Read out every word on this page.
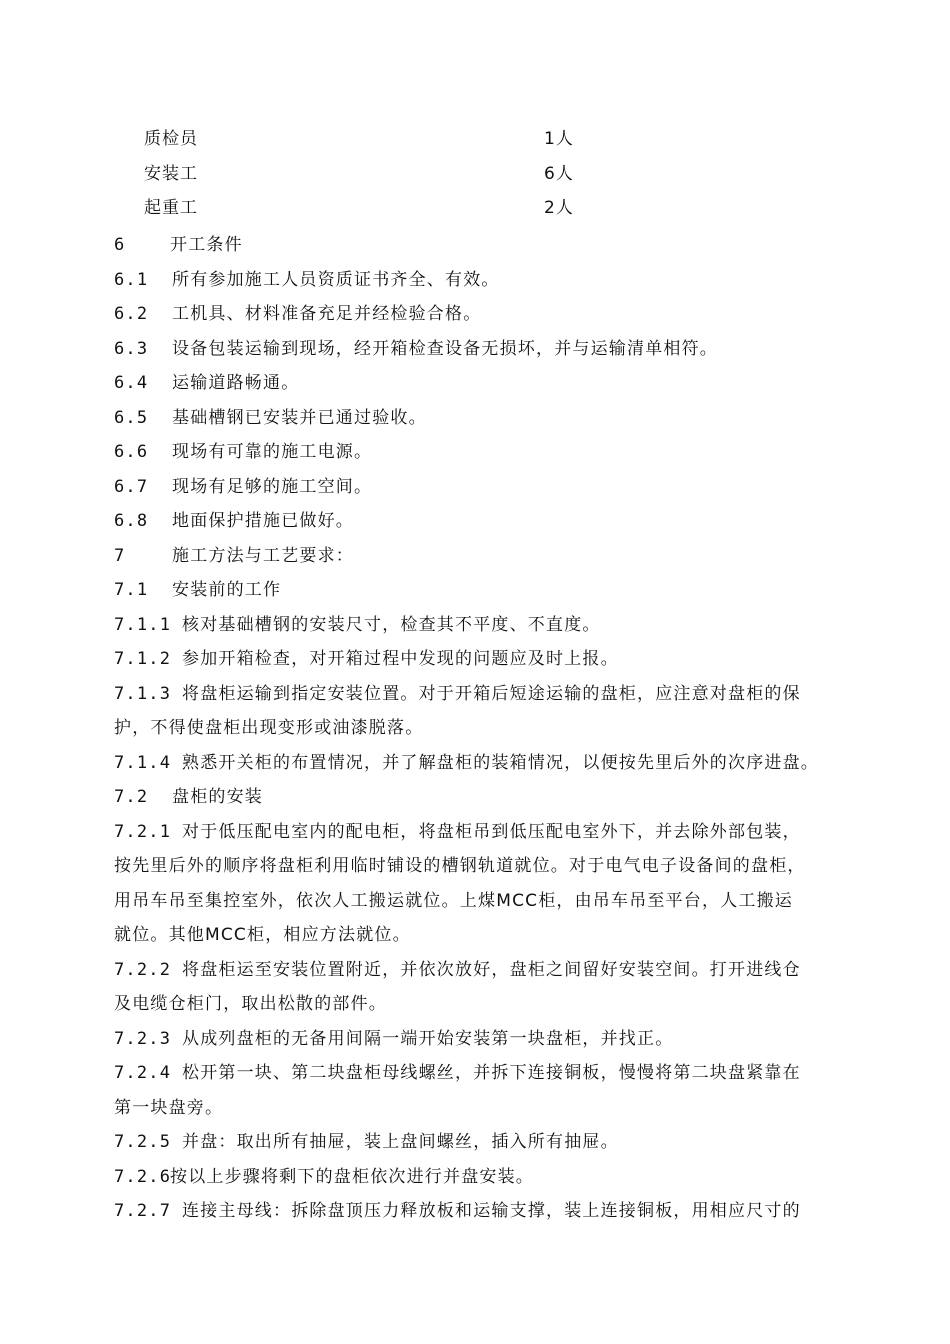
质检员	1人
安装工	6人
起重工	2人
6	开工条件
6.1 所有参加施工人员资质证书齐全、有效。
6.2 工机具、材料准备充足并经检验合格。
6.3 设备包装运输到现场，经开箱检查设备无损坏，并与运输清单相符。
6.4 运输道路畅通。
6.5 基础槽钢已安装并已通过验收。
6.6 现场有可靠的施工电源。
6.7 现场有足够的施工空间。
6.8 地面保护措施已做好。
7	施工方法与工艺要求：
7.1 安装前的工作
7.1.1 核对基础槽钢的安装尺寸，检查其不平度、不直度。
7.1.2 参加开箱检查，对开箱过程中发现的问题应及时上报。
7.1.3 将盘柜运输到指定安装位置。对于开箱后短途运输的盘柜，应注意对盘柜的保
护，不得使盘柜出现变形或油漆脱落。
7.1.4 熟悉开关柜的布置情况，并了解盘柜的装箱情况，以便按先里后外的次序进盘。
7.2 盘柜的安装
7.2.1 对于低压配电室内的配电柜，将盘柜吊到低压配电室外下，并去除外部包装，
按先里后外的顺序将盘柜利用临时铺设的槽钢轨道就位。对于电气电子设备间的盘柜，
用吊车吊至集控室外，依次人工搬运就位。上煤MCC柜，由吊车吊至平台，人工搬运
就位。其他MCC柜，相应方法就位。
7.2.2 将盘柜运至安装位置附近，并依次放好，盘柜之间留好安装空间。打开进线仓
及电缆仓柜门，取出松散的部件。
7.2.3 从成列盘柜的无备用间隔一端开始安装第一块盘柜，并找正。
7.2.4 松开第一块、第二块盘柜母线螺丝，并拆下连接铜板，慢慢将第二块盘紧靠在
第一块盘旁。
7.2.5 并盘：取出所有抽屉，装上盘间螺丝，插入所有抽屉。
7.2.6按以上步骤将剩下的盘柜依次进行并盘安装。
7.2.7 连接主母线：拆除盘顶压力释放板和运输支撑，装上连接铜板，用相应尺寸的
